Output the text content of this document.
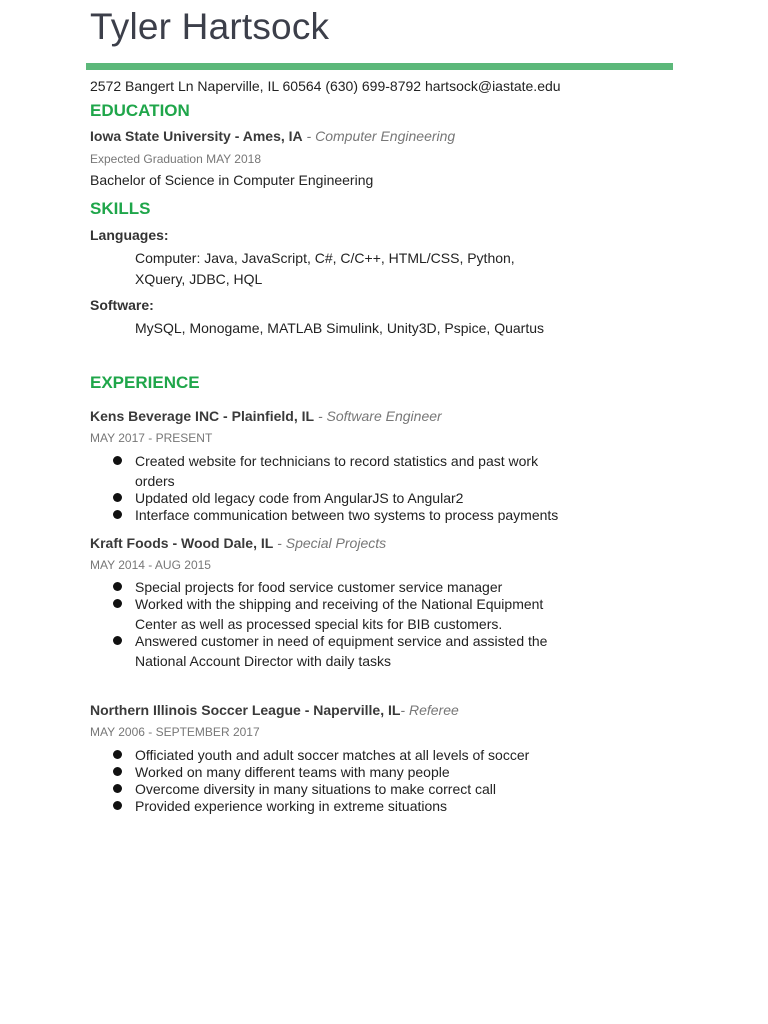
Tyler Hartsock

2572 Bangert Ln Naperville, IL 60564 (630) 699-8792 hartsock@iastate.edu

EDUCATION

Iowa State University - Ames, IA - Computer Engineering

Expected Graduation MAY 2018

Bachelor of Science in Computer Engineering

SKILLS

Languages:

Computer: Java, JavaScript, C#, C/C++, HTML/CSS, Python, XQuery, JDBC, HQL

Software:

MySQL, Monogame, MATLAB Simulink, Unity3D, Pspice, Quartus

EXPERIENCE

Kens Beverage INC - Plainfield, IL - Software Engineer

MAY 2017 - PRESENT

Created website for technicians to record statistics and past work orders
Updated old legacy code from AngularJS to Angular2
Interface communication between two systems to process payments

Kraft Foods - Wood Dale, IL - Special Projects

MAY 2014 - AUG 2015

Special projects for food service customer service manager
Worked with the shipping and receiving of the National Equipment Center as well as processed special kits for BIB customers.
Answered customer in need of equipment service and assisted the National Account Director with daily tasks

Northern Illinois Soccer League - Naperville, IL- Referee

MAY 2006 - SEPTEMBER 2017

Officiated youth and adult soccer matches at all levels of soccer
Worked on many different teams with many people
Overcome diversity in many situations to make correct call
Provided experience working in extreme situations
